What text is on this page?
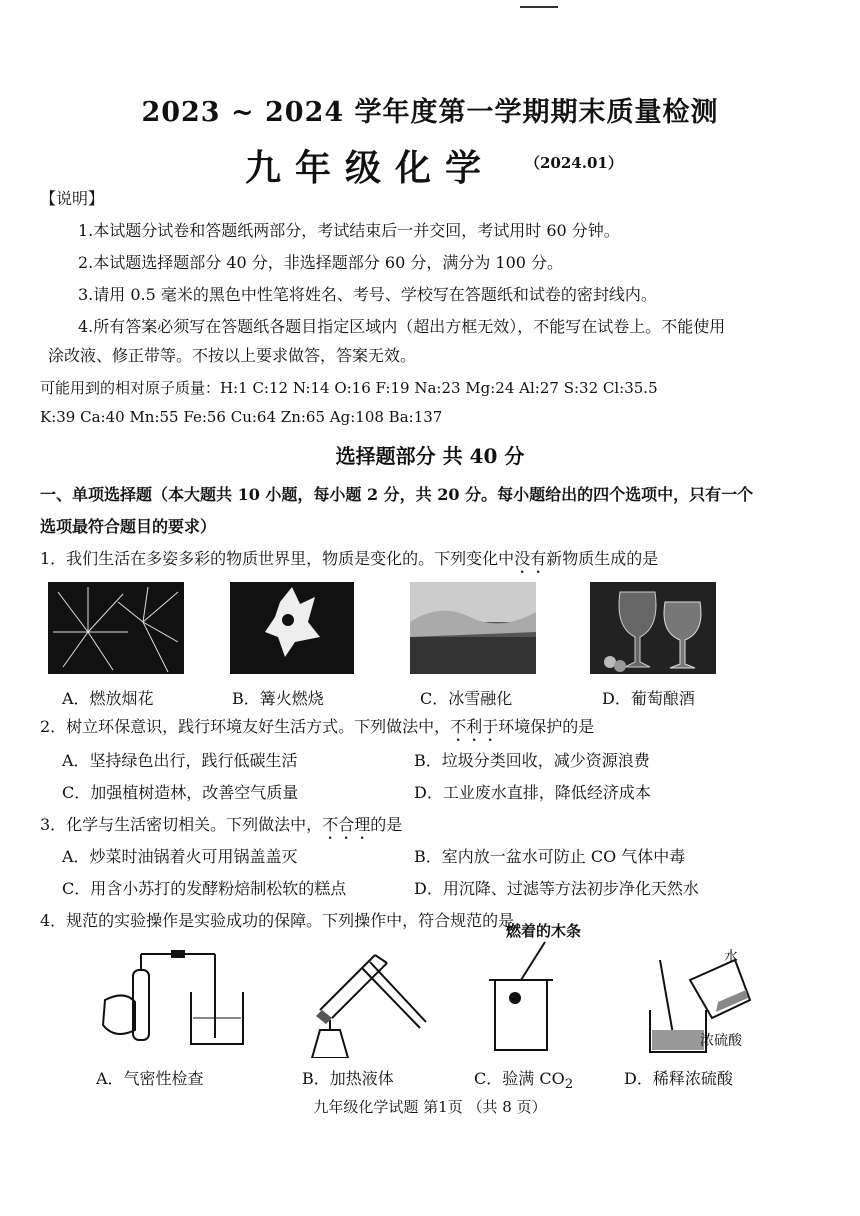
2023 ~ 2024 学年度第一学期期末质量检测
九年级化学 （2024.01）
【说明】
1.本试题分试卷和答题纸两部分，考试结束后一并交回，考试用时 60 分钟。
2.本试题选择题部分 40 分，非选择题部分 60 分，满分为 100 分。
3.请用 0.5 毫米的黑色中性笔将姓名、考号、学校写在答题纸和试卷的密封线内。
4.所有答案必须写在答题纸各题目指定区域内（超出方框无效），不能写在试卷上。不能使用
涂改液、修正带等。不按以上要求做答，答案无效。
可能用到的相对原子质量：H:1 C:12 N:14 O:16 F:19 Na:23 Mg:24 Al:27 S:32 Cl:35.5
K:39 Ca:40 Mn:55 Fe:56 Cu:64 Zn:65 Ag:108 Ba:137
选择题部分 共 40 分
一、单项选择题（本大题共 10 小题，每小题 2 分，共 20 分。每小题给出的四个选项中，只有一个
选项最符合题目的要求）
1．我们生活在多姿多彩的物质世界里，物质是变化的。下列变化中没有新物质生成的是
A．燃放烟花	B．篝火燃烧	C．冰雪融化	D．葡萄酿酒
2．树立环保意识，践行环境友好生活方式。下列做法中，不利于环境保护的是
A．坚持绿色出行，践行低碳生活	B．垃圾分类回收，减少资源浪费
C．加强植树造林，改善空气质量	D．工业废水直排，降低经济成本
3．化学与生活密切相关。下列做法中，不合理的是
A．炒菜时油锅着火可用锅盖盖灭	B．室内放一盆水可防止 CO 气体中毒
C．用含小苏打的发酵粉焙制松软的糕点	D．用沉降、过滤等方法初步净化天然水
4．规范的实验操作是实验成功的保障。下列操作中，符合规范的是
燃着的木条
水
浓硫酸
A．气密性检查	B．加热液体	C．验满 $CO_2$	D．稀释浓硫酸
九年级化学试题 第1页 （共 8 页）
